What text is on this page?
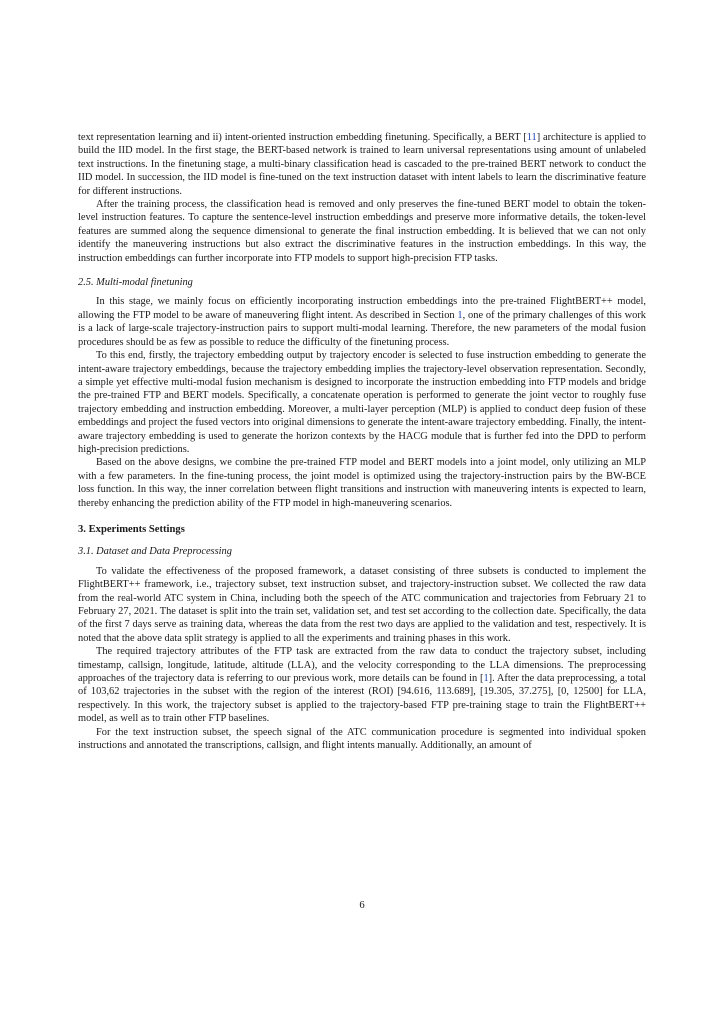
text representation learning and ii) intent-oriented instruction embedding finetuning. Specifically, a BERT [11] architecture is applied to build the IID model. In the first stage, the BERT-based network is trained to learn universal representations using amount of unlabeled text instructions. In the finetuning stage, a multi-binary classification head is cascaded to the pre-trained BERT network to conduct the IID model. In succession, the IID model is fine-tuned on the text instruction dataset with intent labels to learn the discriminative feature for different instructions.

After the training process, the classification head is removed and only preserves the fine-tuned BERT model to obtain the token-level instruction features. To capture the sentence-level instruction embeddings and preserve more informative details, the token-level features are summed along the sequence dimensional to generate the final instruction embedding. It is believed that we can not only identify the maneuvering instructions but also extract the discriminative features in the instruction embeddings. In this way, the instruction embeddings can further incorporate into FTP models to support high-precision FTP tasks.

2.5. Multi-modal finetuning

In this stage, we mainly focus on efficiently incorporating instruction embeddings into the pre-trained FlightBERT++ model, allowing the FTP model to be aware of maneuvering flight intent. As described in Section 1, one of the primary challenges of this work is a lack of large-scale trajectory-instruction pairs to support multi-modal learning. Therefore, the new parameters of the modal fusion procedures should be as few as possible to reduce the difficulty of the finetuning process.

To this end, firstly, the trajectory embedding output by trajectory encoder is selected to fuse instruction embedding to generate the intent-aware trajectory embeddings, because the trajectory embedding implies the trajectory-level observation representation. Secondly, a simple yet effective multi-modal fusion mechanism is designed to incorporate the instruction embedding into FTP models and bridge the pre-trained FTP and BERT models. Specifically, a concatenate operation is performed to generate the joint vector to roughly fuse trajectory embedding and instruction embedding. Moreover, a multi-layer perception (MLP) is applied to conduct deep fusion of these embeddings and project the fused vectors into original dimensions to generate the intent-aware trajectory embedding. Finally, the intent-aware trajectory embedding is used to generate the horizon contexts by the HACG module that is further fed into the DPD to perform high-precision predictions.

Based on the above designs, we combine the pre-trained FTP model and BERT models into a joint model, only utilizing an MLP with a few parameters. In the fine-tuning process, the joint model is optimized using the trajectory-instruction pairs by the BW-BCE loss function. In this way, the inner correlation between flight transitions and instruction with maneuvering intents is expected to learn, thereby enhancing the prediction ability of the FTP model in high-maneuvering scenarios.

3. Experiments Settings
3.1. Dataset and Data Preprocessing

To validate the effectiveness of the proposed framework, a dataset consisting of three subsets is conducted to implement the FlightBERT++ framework, i.e., trajectory subset, text instruction subset, and trajectory-instruction subset. We collected the raw data from the real-world ATC system in China, including both the speech of the ATC communication and trajectories from February 21 to February 27, 2021. The dataset is split into the train set, validation set, and test set according to the collection date. Specifically, the data of the first 7 days serve as training data, whereas the data from the rest two days are applied to the validation and test, respectively. It is noted that the above data split strategy is applied to all the experiments and training phases in this work.

The required trajectory attributes of the FTP task are extracted from the raw data to conduct the trajectory subset, including timestamp, callsign, longitude, latitude, altitude (LLA), and the velocity corresponding to the LLA dimensions. The preprocessing approaches of the trajectory data is referring to our previous work, more details can be found in [1]. After the data preprocessing, a total of 103,62 trajectories in the subset with the region of the interest (ROI) [94.616, 113.689], [19.305, 37.275], [0, 12500] for LLA, respectively. In this work, the trajectory subset is applied to the trajectory-based FTP pre-training stage to train the FlightBERT++ model, as well as to train other FTP baselines.

For the text instruction subset, the speech signal of the ATC communication procedure is segmented into individual spoken instructions and annotated the transcriptions, callsign, and flight intents manually. Additionally, an amount of

6
